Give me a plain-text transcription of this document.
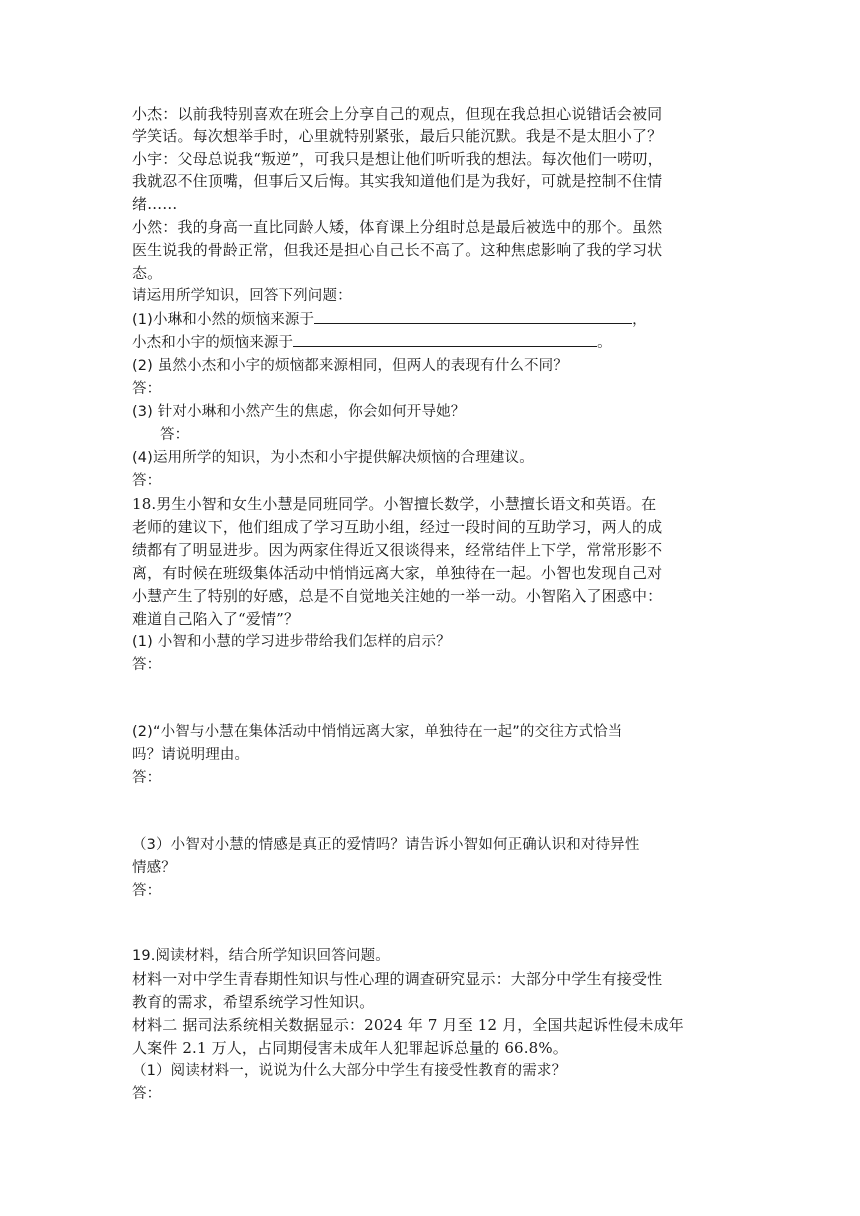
小杰：以前我特别喜欢在班会上分享自己的观点，但现在我总担心说错话会被同
学笑话。每次想举手时，心里就特别紧张，最后只能沉默。我是不是太胆小了？
小宇：父母总说我“叛逆”，可我只是想让他们听听我的想法。每次他们一唠叨，
我就忍不住顶嘴，但事后又后悔。其实我知道他们是为我好，可就是控制不住情
绪……
小然：我的身高一直比同龄人矮，体育课上分组时总是最后被选中的那个。虽然
医生说我的骨龄正常，但我还是担心自己长不高了。这种焦虑影响了我的学习状
态。
请运用所学知识，回答下列问题：
(1)小琳和小然的烦恼来源于	，
小杰和小宇的烦恼来源于	。
(2) 虽然小杰和小宇的烦恼都来源相同，但两人的表现有什么不同？
答：
(3) 针对小琳和小然产生的焦虑，你会如何开导她？
答：
(4)运用所学的知识，为小杰和小宇提供解决烦恼的合理建议。
答：
18.男生小智和女生小慧是同班同学。小智擅长数学，小慧擅长语文和英语。在
老师的建议下，他们组成了学习互助小组，经过一段时间的互助学习，两人的成
绩都有了明显进步。因为两家住得近又很谈得来，经常结伴上下学，常常形影不
离，有时候在班级集体活动中悄悄远离大家，单独待在一起。小智也发现自己对
小慧产生了特别的好感，总是不自觉地关注她的一举一动。小智陷入了困惑中：
难道自己陷入了“爱情”？
(1) 小智和小慧的学习进步带给我们怎样的启示？
答：
(2)“小智与小慧在集体活动中悄悄远离大家，单独待在一起”的交往方式恰当
吗？请说明理由。
答：
（3）小智对小慧的情感是真正的爱情吗？请告诉小智如何正确认识和对待异性
情感？
答：
19.阅读材料，结合所学知识回答问题。
材料一对中学生青春期性知识与性心理的调查研究显示：大部分中学生有接受性
教育的需求，希望系统学习性知识。
材料二 据司法系统相关数据显示：2024 年 7 月至 12 月，全国共起诉性侵未成年
人案件 2.1 万人，占同期侵害未成年人犯罪起诉总量的 66.8%。
（1）阅读材料一，说说为什么大部分中学生有接受性教育的需求？
答：
